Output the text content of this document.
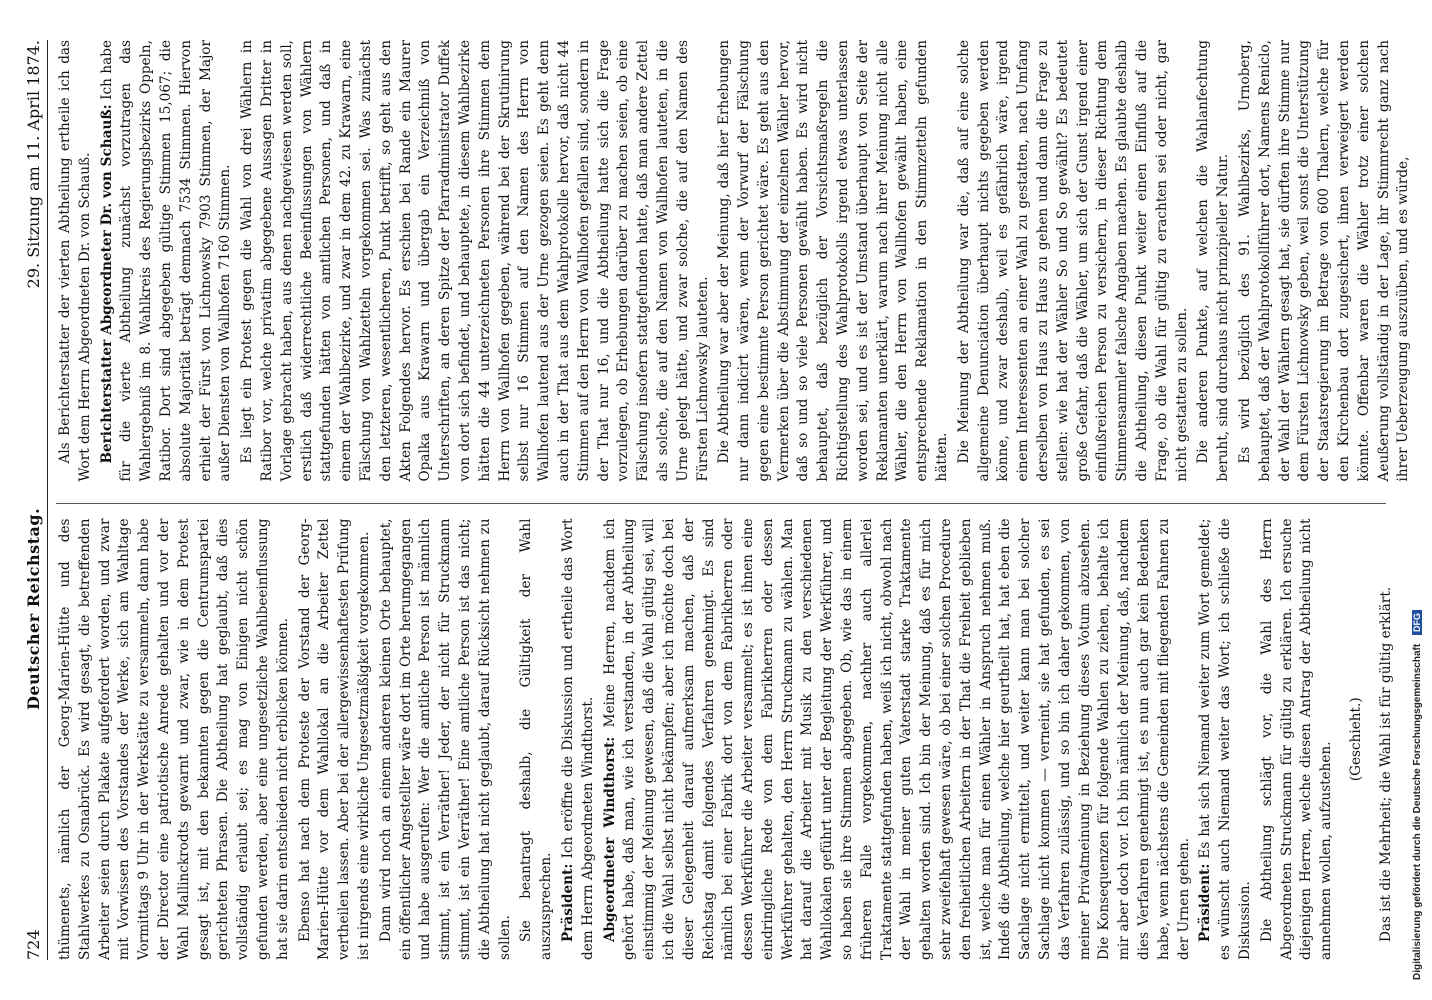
724
Deutscher Reichstag.
29. Sitzung am 11. April 1874.

thümenets, nämlich der Georg-Marien-Hütte und des Stahlwerkes zu Osnabrück. Es wird gesagt, die betreffenden Arbeiter seien durch Plakate aufgefordert worden, und zwar mit Vorwissen des Vorstandes der Werke, sich am Wahltage Vormittags 9 Uhr in der Werkstätte zu versammeln, dann habe der Director eine patriotische Anrede gehalten und vor der Wahl Mallinckrodts gewarnt und zwar, wie in dem Protest gesagt ist, mit den bekannten gegen die Centrumspartei gerichteten Phrasen. Die Abtheilung hat geglaubt, daß dies vollständig erlaubt sei; es mag von Einigen nicht schön gefunden werden, aber eine ungesetzliche Wahlbeeinflussung hat sie darin entschieden nicht erblicken können. Ebenso hat nach dem Proteste der Vorstand der Georg-Marien-Hütte vor dem Wahllokal an die Arbeiter Zettel vertheilen lassen. Aber bei der allergewissenhaftesten Prüfung ist nirgends eine wirkliche Ungesetzmäßigkeit vorgekommen. Dann wird noch an einem anderen kleinen Orte behauptet, ein öffentlicher Angestellter wäre dort im Orte herumgegangen und habe ausgerufen: Wer die amtliche Person ist männlich stimmt, ist ein Verräther! Jeder, der nicht für Struckmann stimmt, ist ein Verräther! Eine amtliche Person ist das nicht; die Abtheilung hat nicht geglaubt, darauf Rücksicht nehmen zu sollen. Sie beantragt deshalb, die Gültigkeit der Wahl auszusprechen. Präsident: Ich eröffne die Diskussion und ertheile das Wort dem Herrn Abgeordneten Windthorst. Abgeordneter Windthorst: Meine Herren, nachdem ich gehört habe, daß man, wie ich verstanden, in der Abtheilung einstimmig der Meinung gewesen, daß die Wahl gültig sei, will ich die Wahl selbst nicht bekämpfen; aber ich möchte doch bei dieser Gelegenheit darauf aufmerksam machen, daß der Reichstag damit folgendes Verfahren genehmigt. Es sind nämlich bei einer Fabrik dort von dem Fabrikherren oder dessen Werkführer die Arbeiter versammelt; es ist ihnen eine eindringliche Rede von dem Fabrikherren oder dessen Werkführer gehalten, den Herrn Struckmann zu wählen. Man hat darauf die Arbeiter mit Musik zu den verschiedenen Wahllokalen geführt unter der Begleitung der Werkführer, und so haben sie ihre Stimmen abgegeben. Ob, wie das in einem früheren Falle vorgekommen, nachher auch allerlei Traktamente stattgefunden haben, weiß ich nicht, obwohl nach der Wahl in meiner guten Vaterstadt starke Traktamente gehalten worden sind. Ich bin der Meinung, daß es für mich sehr zweifelhaft gewesen wäre, ob bei einer solchen Procedure den freiheitlichen Arbeitern in der That die Freiheit geblieben ist, welche man für einen Wähler in Anspruch nehmen muß. Indeß die Abtheilung, welche hier geurtheilt hat, hat eben die Sachlage nicht ermittelt, und weiter kann man bei solcher Sachlage nicht kommen — verneint, sie hat gefunden, es sei das Verfahren zulässig, und so bin ich daher gekommen, von meiner Privatmeinung in Beziehung dieses Votum abzusehen. Die Konsequenzen für folgende Wahlen zu ziehen, behalte ich mir aber doch vor. Ich bin nämlich der Meinung, daß, nachdem dies Verfahren genehmigt ist, es nun auch gar kein Bedenken habe, wenn nächstens die Gemeinden mit fliegenden Fahnen zu der Urnen gehen. Präsident: Es hat sich Niemand weiter zum Wort gemeldet; es wünscht auch Niemand weiter das Wort; ich schließe die Diskussion. Die Abtheilung schlägt vor, die Wahl des Herrn Abgeordneten Struckmann für gültig zu erklären. Ich ersuche diejenigen Herren, welche diesen Antrag der Abtheilung nicht annehmen wollen, aufzustehen.

(Geschieht.) Das ist die Mehrheit; die Wahl ist für gültig erklärt.

Als Berichterstatter der vierten Abtheilung ertheile ich das Wort dem Herrn Abgeordneten Dr. von Schauß. Berichterstatter Abgeordneter Dr. von Schauß: Ich habe für die vierte Abtheilung zunächst vorzutragen das Wahlergebniß im 8. Wahlkreis des Regierungsbezirks Oppeln, Ratibor. Dort sind abgegeben gültige Stimmen 15,067; die absolute Majorität beträgt demnach 7534 Stimmen. Hiervon erhielt der Fürst von Lichnowsky 7903 Stimmen, der Major außer Diensten von Wallhofen 7160 Stimmen. Es liegt ein Protest gegen die Wahl von drei Wählern in Ratibor vor, welche privatim abgegebene Aussagen Dritter in Vorlage gebracht haben, aus denen nachgewiesen werden soll, erstlich daß widerrechtliche Beeinflussungen von Wählern stattgefunden hätten von amtlichen Personen, und daß in einem der Wahlbezirke, und zwar in dem 42. zu Krawarn, eine Fälschung von Wahlzetteln vorgekommen sei. Was zunächst den letzteren, wesentlicheren, Punkt betrifft, so geht aus den Akten Folgendes hervor. Es erschien bei Rande ein Maurer Opalka aus Krawarn und übergab ein Verzeichniß von Unterschriften, an deren Spitze der Pfarradministrator Duffek von dort sich befindet, und behauptete, in diesem Wahlbezirke hätten die 44 unterzeichneten Personen ihre Stimmen dem Herrn von Wallhofen gegeben, während bei der Skrutinirung selbst nur 16 Stimmen auf den Namen des Herrn von Wallhofen lautend aus der Urne gezogen seien. Es geht denn auch in der That aus dem Wahlprotokolle hervor, daß nicht 44 Stimmen auf den Herrn von Wallhofen gefallen sind, sondern in der That nur 16, und die Abtheilung hatte sich die Frage vorzulegen, ob Erhebungen darüber zu machen seien, ob eine Fälschung insofern stattgefunden hatte, daß man andere Zettel als solche, die auf den Namen von Wallhofen lauteten, in die Urne gelegt hätte, und zwar solche, die auf den Namen des Fürsten Lichnowsky lauteten. Die Abtheilung war aber der Meinung, daß hier Erhebungen nur dann indicirt wären, wenn der Vorwurf der Fälschung gegen eine bestimmte Person gerichtet wäre. Es geht aus den Vermerken über die Abstimmung der einzelnen Wähler hervor, daß so und so viele Personen gewählt haben. Es wird nicht behauptet, daß bezüglich der Vorsichtsmaßregeln die Richtigstellung des Wahlprotokolls irgend etwas unterlassen worden sei, und es ist der Umstand überhaupt von Seite der Reklamanten unerklärt, warum nach ihrer Meinung nicht alle Wähler, die den Herrn von Wallhofen gewählt haben, eine entsprechende Reklamation in den Stimmzetteln gefunden hätten. Die Meinung der Abtheilung war die, daß auf eine solche allgemeine Denunciation überhaupt nichts gegeben werden könne, und zwar deshalb, weil es gefährlich wäre, irgend einem Interessenten an einer Wahl zu gestatten, nach Umfang derselben von Haus zu Haus zu gehen und dann die Frage zu stellen: wie hat der Wähler So und So gewählt? Es bedeutet große Gefahr, daß die Wähler, um sich der Gunst irgend einer einflußreichen Person zu versichern, in dieser Richtung dem Stimmensammler falsche Angaben machen. Es glaubte deshalb die Abtheilung, diesen Punkt weiter einen Einfluß auf die Frage, ob die Wahl für gültig zu erachten sei oder nicht, gar nicht gestatten zu sollen. Die anderen Punkte, auf welchen die Wahlanfechtung beruht, sind durchaus nicht prinzipieller Natur. Es wird bezüglich des 91. Wahlbezirks, Urnoberg, behauptet, daß der Wahlprotokollführer dort, Namens Reniclo, der Wahl der Wählern gesagt hat, sie dürften ihre Stimme nur dem Fürsten Lichnowsky geben, weil sonst die Unterstützung der Staatsregierung im Betrage von 600 Thalern, welche für den Kirchenbau dort zugesichert, ihnen verweigert werden könnte. Offenbar waren die Wähler trotz einer solchen Aeußerung vollständig in der Lage, ihr Stimmrecht ganz nach ihrer Ueberzeugung auszuüben, und es würde,

Digitalisierung gefördert durch die Deutsche Forschungsgemeinschaft DFG
